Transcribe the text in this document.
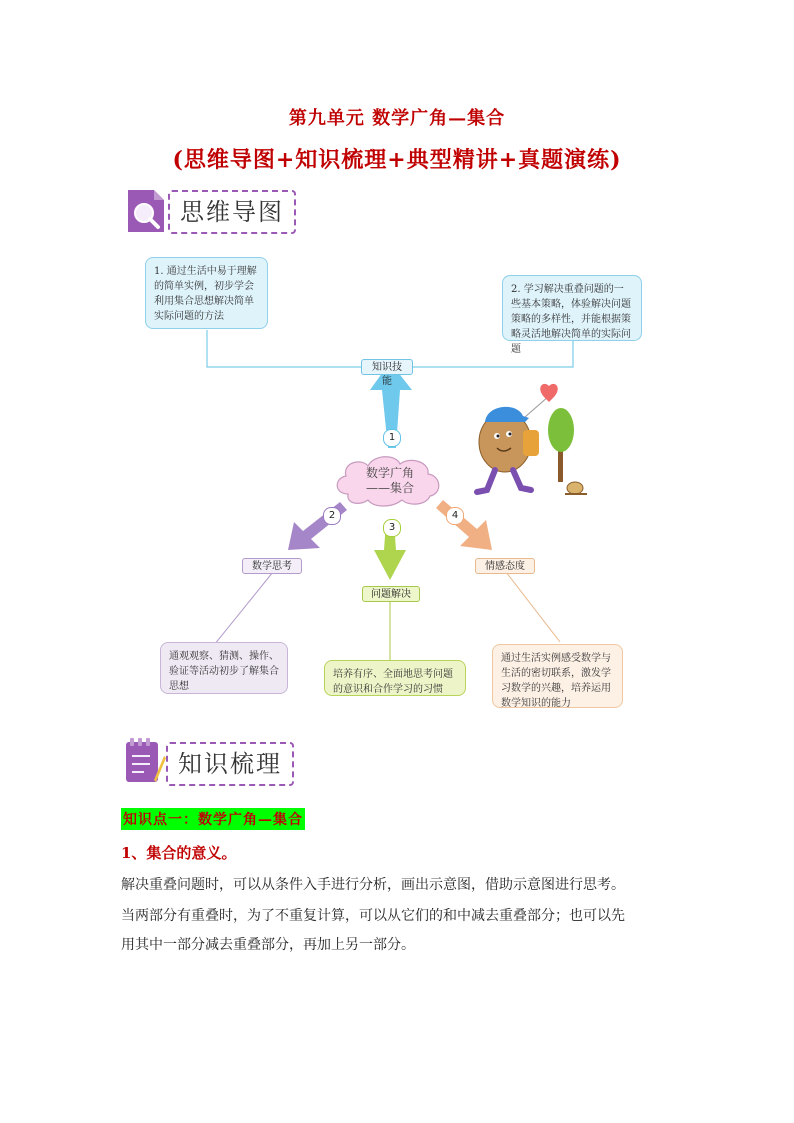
第九单元 数学广角—集合
(思维导图+知识梳理+典型精讲+真题演练)
思维导图
1
2
3
4
数学广角
——集合
知识技能
数学思考
问题解决
情感态度
1. 通过生活中易于理解的简单实例，初步学会利用集合思想解决简单实际问题的方法
2. 学习解决重叠问题的一些基本策略，体验解决问题策略的多样性，并能根据策略灵活地解决简单的实际问题
通观观察、猜测、操作、验证等活动初步了解集合思想
培养有序、全面地思考问题的意识和合作学习的习惯
通过生活实例感受数学与生活的密切联系，激发学习数学的兴趣，培养运用数学知识的能力
知识梳理
知识点一：数学广角—集合
1、集合的意义。
解决重叠问题时，可以从条件入手进行分析，画出示意图，借助示意图进行思考。
当两部分有重叠时，为了不重复计算，可以从它们的和中减去重叠部分；也可以先
用其中一部分减去重叠部分，再加上另一部分。
